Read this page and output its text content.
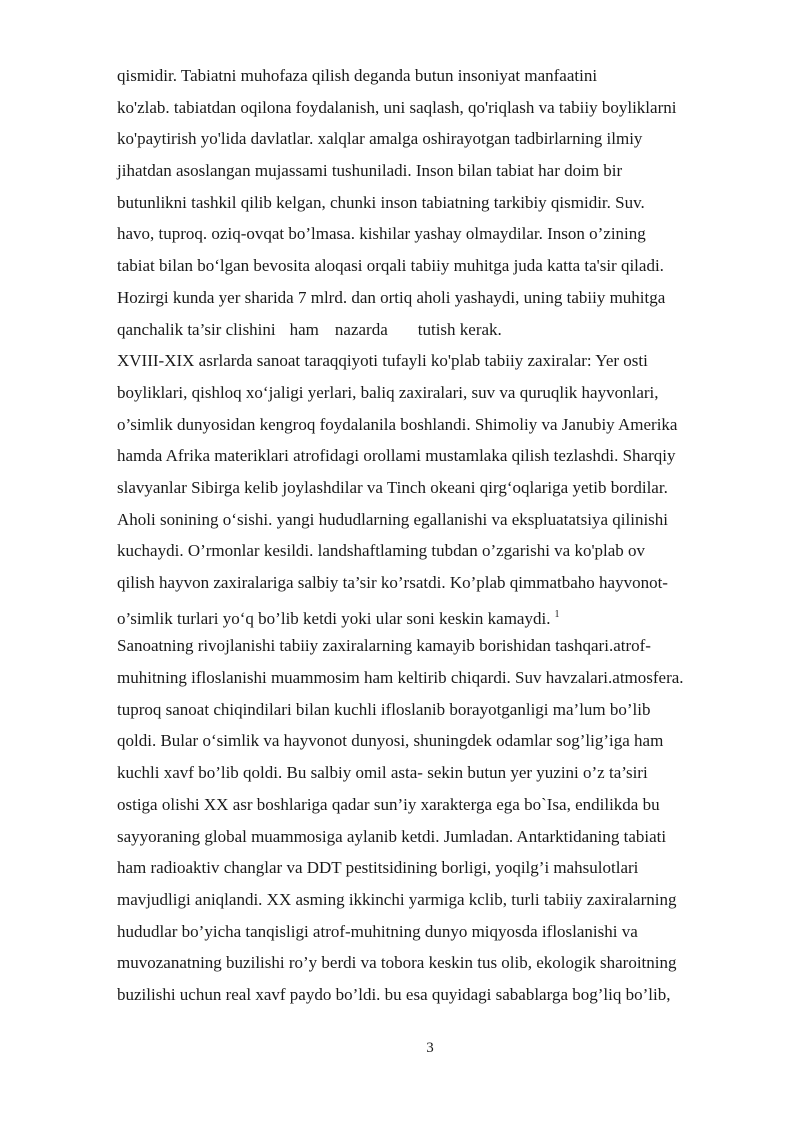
qismidir. Tabiatni muhofaza qilish deganda butun insoniyat manfaatini
ko'zlab. tabiatdan oqilona foydalanish, uni saqlash, qo'riqlash va tabiiy boyliklarni
ko'paytirish yo'lida davlatlar. xalqlar amalga oshirayotgan tadbirlarning ilmiy
jihatdan asoslangan mujassami tushuniladi. Inson bilan tabiat har doim bir
butunlikni tashkil qilib kelgan, chunki inson tabiatning tarkibiy qismidir. Suv.
havo, tuproq. oziq-ovqat bo’lmasa. kishilar yashay olmaydilar. Inson o’zining
tabiat bilan bo‘lgan bevosita aloqasi orqali tabiiy muhitga juda katta ta'sir qiladi.
Hozirgi kunda yer sharida 7 mlrd. dan ortiq aholi yashaydi, uning tabiiy muhitga
qanchalik ta’sir clishini ham nazarda tutish kerak.
XVIII-XIX asrlarda sanoat taraqqiyoti tufayli ko'plab tabiiy zaxiralar: Yer osti
boyliklari, qishloq xo‘jaligi yerlari, baliq zaxiralari, suv va quruqlik hayvonlari,
o’simlik dunyosidan kengroq foydalanila boshlandi. Shimoliy va Janubiy Amerika
hamda Afrika materiklari atrofidagi orollami mustamlaka qilish tezlashdi. Sharqiy
slavyanlar Sibirga kelib joylashdilar va Tinch okeani qirg‘oqlariga yetib bordilar.
Aholi sonining o‘sishi. yangi hududlarning egallanishi va ekspluatatsiya qilinishi
kuchaydi. O’rmonlar kesildi. landshaftlaming tubdan o’zgarishi va ko'plab ov
qilish hayvon zaxiralariga salbiy ta’sir ko’rsatdi. Ko’plab qimmatbaho hayvonot-
o’simlik turlari yo‘q bo’lib ketdi yoki ular soni keskin kamaydi. $^1$
Sanoatning rivojlanishi tabiiy zaxiralarning kamayib borishidan tashqari.atrof-
muhitning ifloslanishi muammosim ham keltirib chiqardi. Suv havzalari.atmosfera.
tuproq sanoat chiqindilari bilan kuchli ifloslanib borayotganligi ma’lum bo’lib
qoldi. Bular o‘simlik va hayvonot dunyosi, shuningdek odamlar sog’lig’iga ham
kuchli xavf bo’lib qoldi. Bu salbiy omil asta- sekin butun yer yuzini o’z ta’siri
ostiga olishi XX asr boshlariga qadar sun’iy xarakterga ega bo`Isa, endilikda bu
sayyoraning global muammosiga aylanib ketdi. Jumladan. Antarktidaning tabiati
ham radioaktiv changlar va DDT pestitsidining borligi, yoqilg’i mahsulotlari
mavjudligi aniqlandi. XX asming ikkinchi yarmiga kclib, turli tabiiy zaxiralarning
hududlar bo’yicha tanqisligi atrof-muhitning dunyo miqyosda ifloslanishi va
muvozanatning buzilishi ro’y berdi va tobora keskin tus olib, ekologik sharoitning
buzilishi uchun real xavf paydo bo’ldi. bu esa quyidagi sabablarga bog’liq bo’lib,
3
